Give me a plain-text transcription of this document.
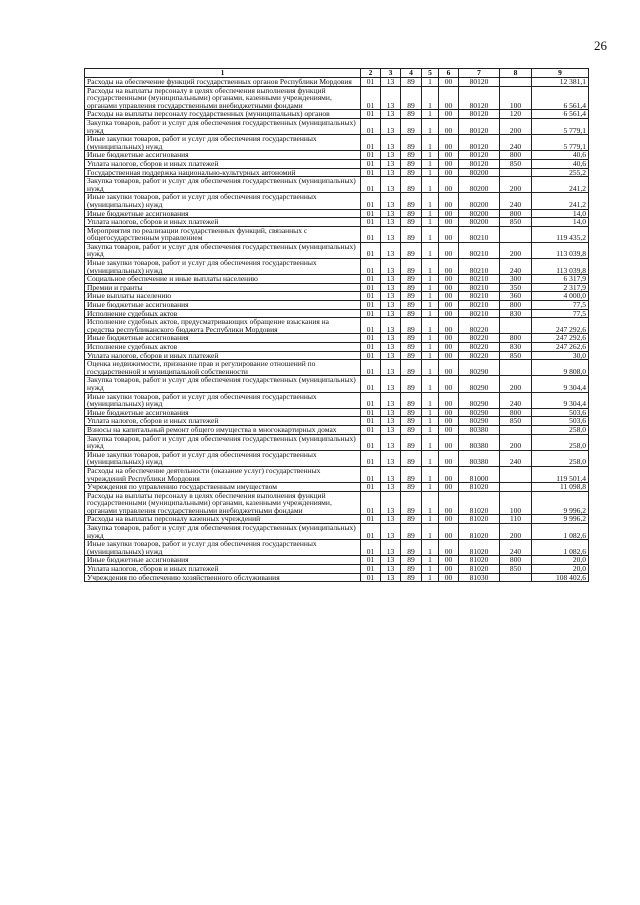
26
1	2	3	4	5	6	7	8	9
Расходы на обеспечение функций государственных органов Республики Мордовия	01	13	89	1	00	80120		12 381,1
Расходы на выплаты персоналу в целях обеспечения выполнения функций государственными (муниципальными) органами, казенными учреждениями, органами управления государственными внебюджетными фондами	01	13	89	1	00	80120	100	6 561,4
Расходы на выплаты персоналу государственных (муниципальных) органов	01	13	89	1	00	80120	120	6 561,4
Закупка товаров, работ и услуг для обеспечения государственных (муниципальных) нужд	01	13	89	1	00	80120	200	5 779,1
Иные закупки товаров, работ и услуг для обеспечения государственных (муниципальных) нужд	01	13	89	1	00	80120	240	5 779,1
Иные бюджетные ассигнования	01	13	89	1	00	80120	800	40,6
Уплата налогов, сборов и иных платежей	01	13	89	1	00	80120	850	40,6
Государственная поддержка национально-культурных автономий	01	13	89	1	00	80200		255,2
Закупка товаров, работ и услуг для обеспечения государственных (муниципальных) нужд	01	13	89	1	00	80200	200	241,2
Иные закупки товаров, работ и услуг для обеспечения государственных (муниципальных) нужд	01	13	89	1	00	80200	240	241,2
Иные бюджетные ассигнования	01	13	89	1	00	80200	800	14,0
Уплата налогов, сборов и иных платежей	01	13	89	1	00	80200	850	14,0
Мероприятия по реализации государственных функций, связанных с общегосударственным управлением	01	13	89	1	00	80210		119 435,2
Закупка товаров, работ и услуг для обеспечения государственных (муниципальных) нужд	01	13	89	1	00	80210	200	113 039,8
Иные закупки товаров, работ и услуг для обеспечения государственных (муниципальных) нужд	01	13	89	1	00	80210	240	113 039,8
Социальное обеспечение и иные выплаты населению	01	13	89	1	00	80210	300	6 317,9
Премии и гранты	01	13	89	1	00	80210	350	2 317,9
Иные выплаты населению	01	13	89	1	00	80210	360	4 000,0
Иные бюджетные ассигнования	01	13	89	1	00	80210	800	77,5
Исполнение судебных актов	01	13	89	1	00	80210	830	77,5
Исполнение судебных актов, предусматривающих обращение взыскания на средства республиканского бюджета Республики Мордовия	01	13	89	1	00	80220		247 292,6
Иные бюджетные ассигнования	01	13	89	1	00	80220	800	247 292,6
Исполнение судебных актов	01	13	89	1	00	80220	830	247 262,6
Уплата налогов, сборов и иных платежей	01	13	89	1	00	80220	850	30,0
Оценка недвижимости, признание прав и регулирование отношений по государственной и муниципальной собственности	01	13	89	1	00	80290		9 808,0
Закупка товаров, работ и услуг для обеспечения государственных (муниципальных) нужд	01	13	89	1	00	80290	200	9 304,4
Иные закупки товаров, работ и услуг для обеспечения государственных (муниципальных) нужд	01	13	89	1	00	80290	240	9 304,4
Иные бюджетные ассигнования	01	13	89	1	00	80290	800	503,6
Уплата налогов, сборов и иных платежей	01	13	89	1	00	80290	850	503,6
Взносы на капитальный ремонт общего имущества в многоквартирных домах	01	13	89	1	00	80380		258,0
Закупка товаров, работ и услуг для обеспечения государственных (муниципальных) нужд	01	13	89	1	00	80380	200	258,0
Иные закупки товаров, работ и услуг для обеспечения государственных (муниципальных) нужд	01	13	89	1	00	80380	240	258,0
Расходы на обеспечение деятельности (оказание услуг) государственных учреждений Республики Мордовия	01	13	89	1	00	81000		119 501,4
Учреждения по управлению государственным имуществом	01	13	89	1	00	81020		11 098,8
Расходы на выплаты персоналу в целях обеспечения выполнения функций государственными (муниципальными) органами, казенными учреждениями, органами управления государственными внебюджетными фондами	01	13	89	1	00	81020	100	9 996,2
Расходы на выплаты персоналу казенных учреждений	01	13	89	1	00	81020	110	9 996,2
Закупка товаров, работ и услуг для обеспечения государственных (муниципальных) нужд	01	13	89	1	00	81020	200	1 082,6
Иные закупки товаров, работ и услуг для обеспечения государственных (муниципальных) нужд	01	13	89	1	00	81020	240	1 082,6
Иные бюджетные ассигнования	01	13	89	1	00	81020	800	20,0
Уплата налогов, сборов и иных платежей	01	13	89	1	00	81020	850	20,0
Учреждения по обеспечению хозяйственного обслуживания	01	13	89	1	00	81030		108 402,6
